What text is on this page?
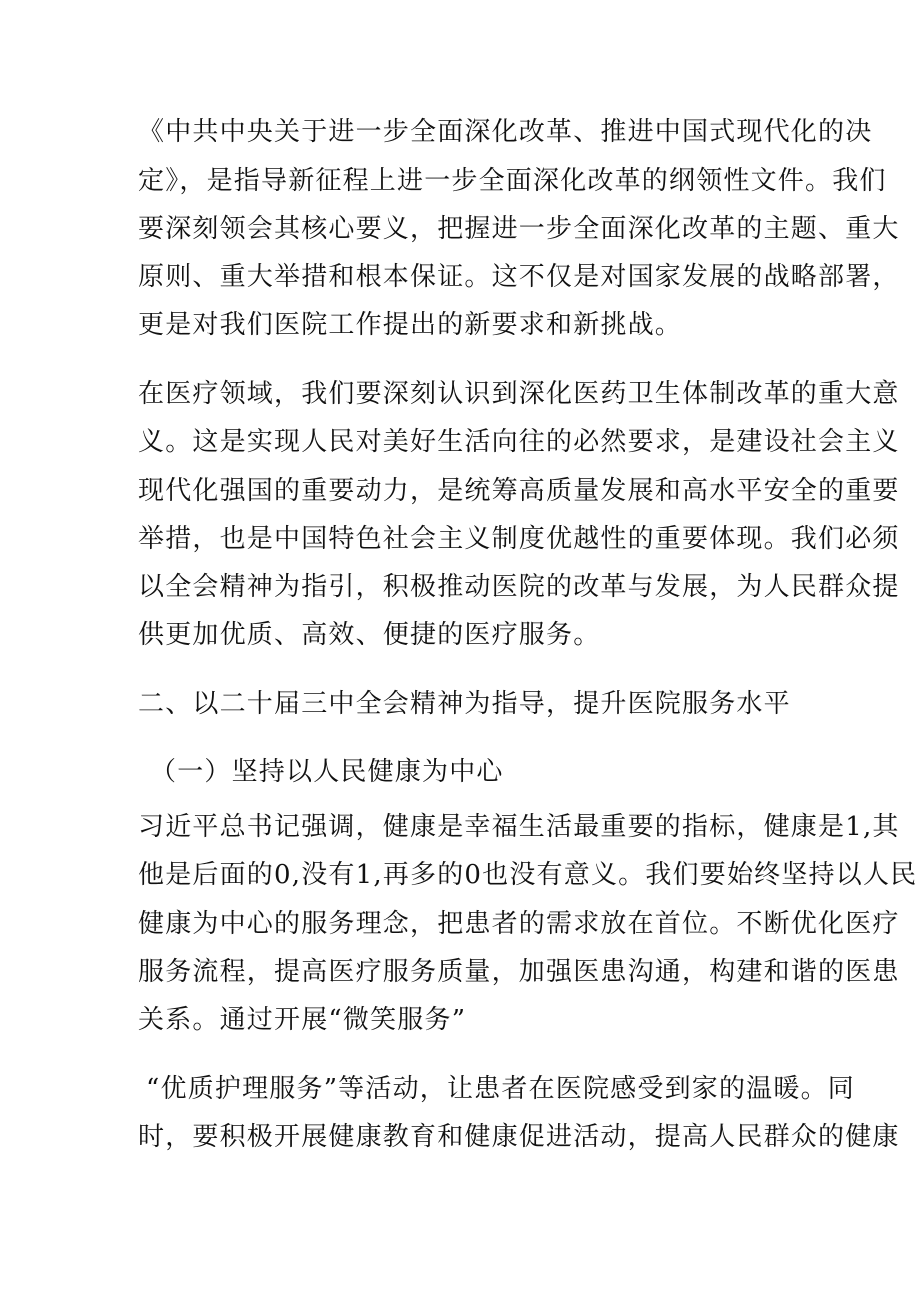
《中共中央关于进一步全面深化改革、推进中国式现代化的决
定》，是指导新征程上进一步全面深化改革的纲领性文件。我们
要深刻领会其核心要义，把握进一步全面深化改革的主题、重大
原则、重大举措和根本保证。这不仅是对国家发展的战略部署，
更是对我们医院工作提出的新要求和新挑战。
在医疗领域，我们要深刻认识到深化医药卫生体制改革的重大意
义。这是实现人民对美好生活向往的必然要求，是建设社会主义
现代化强国的重要动力，是统筹高质量发展和高水平安全的重要
举措，也是中国特色社会主义制度优越性的重要体现。我们必须
以全会精神为指引，积极推动医院的改革与发展，为人民群众提
供更加优质、高效、便捷的医疗服务。
二、以二十届三中全会精神为指导，提升医院服务水平
（一）坚持以人民健康为中心
习近平总书记强调，健康是幸福生活最重要的指标，健康是1,其
他是后面的0,没有1,再多的0也没有意义。我们要始终坚持以人民
健康为中心的服务理念，把患者的需求放在首位。不断优化医疗
服务流程，提高医疗服务质量，加强医患沟通，构建和谐的医患
关系。通过开展“微笑服务”
“优质护理服务”等活动，让患者在医院感受到家的温暖。同
时，要积极开展健康教育和健康促进活动，提高人民群众的健康
